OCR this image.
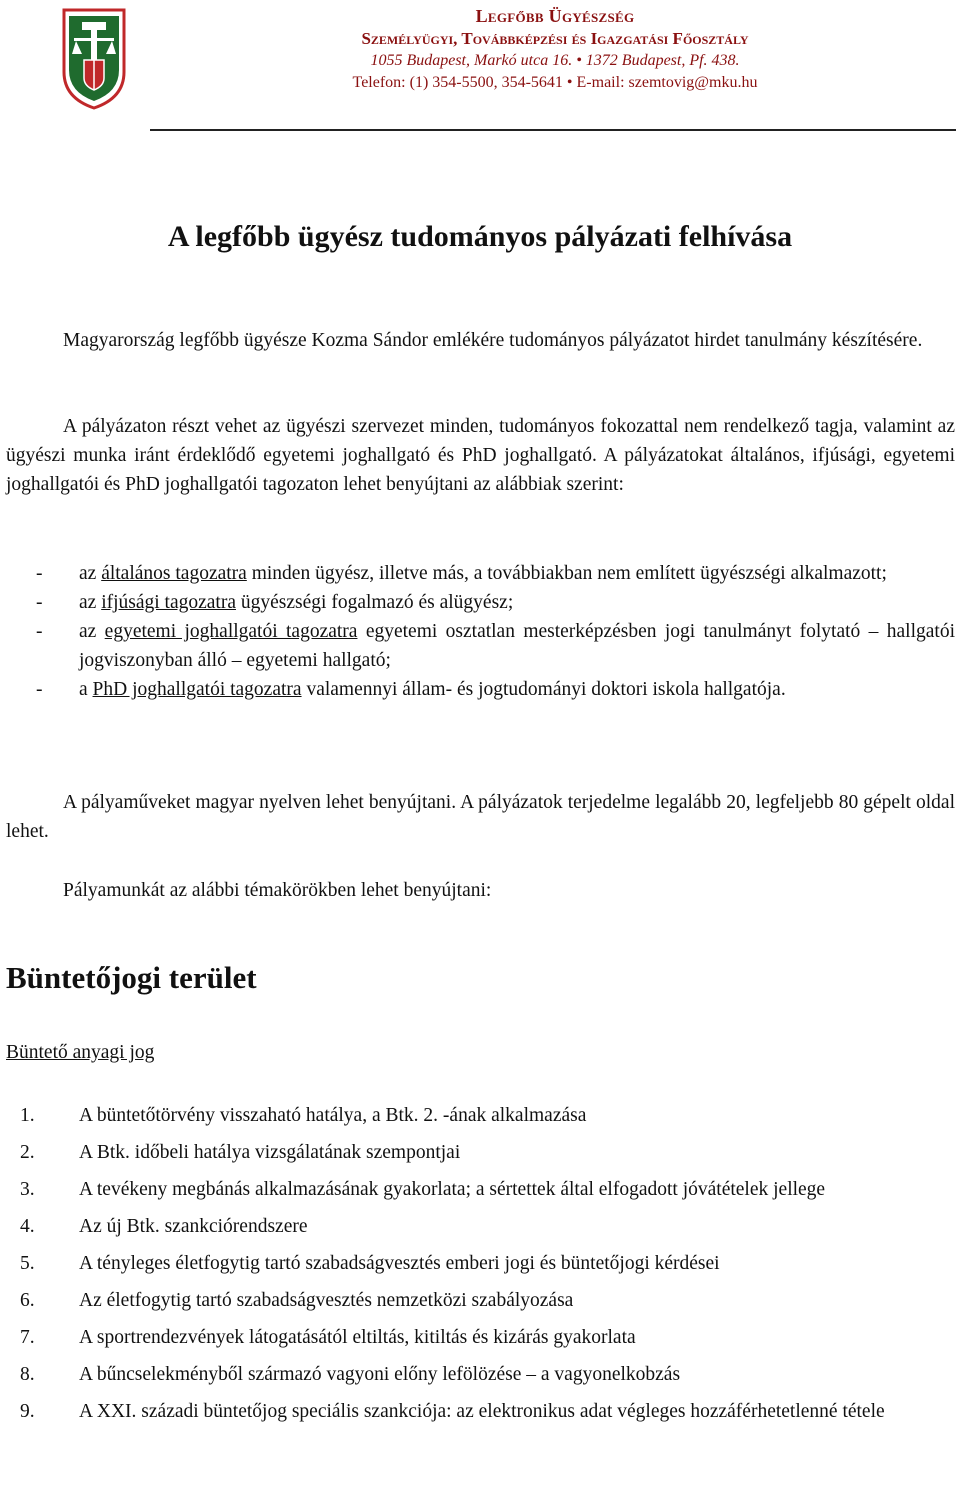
Legfőbb Ügyészség
Személyügyi, Továbbképzési és Igazgatási Főosztály
1055 Budapest, Markó utca 16. • 1372 Budapest, Pf. 438.
Telefon: (1) 354-5500, 354-5641 • E-mail: szemtovig@mku.hu
A legfőbb ügyész tudományos pályázati felhívása
Magyarország legfőbb ügyésze Kozma Sándor emlékére tudományos pályázatot hirdet tanulmány készítésére.
A pályázaton részt vehet az ügyészi szervezet minden, tudományos fokozattal nem rendelkező tagja, valamint az ügyészi munka iránt érdeklődő egyetemi joghallgató és PhD joghallgató. A pályázatokat általános, ifjúsági, egyetemi joghallgatói és PhD joghallgatói tagozaton lehet benyújtani az alábbiak szerint:
- az általános tagozatra minden ügyész, illetve más, a továbbiakban nem említett ügyészségi alkalmazott;
- az ifjúsági tagozatra ügyészségi fogalmazó és alügyész;
- az egyetemi joghallgatói tagozatra egyetemi osztatlan mesterképzésben jogi tanulmányt folytató – hallgatói jogviszonyban álló – egyetemi hallgató;
- a PhD joghallgatói tagozatra valamennyi állam- és jogtudományi doktori iskola hallgatója.
A pályaműveket magyar nyelven lehet benyújtani. A pályázatok terjedelme legalább 20, legfeljebb 80 gépelt oldal lehet.
Pályamunkát az alábbi témakörökben lehet benyújtani:
Büntetőjogi terület
Büntető anyagi jog
1. A büntetőtörvény visszaható hatálya, a Btk. 2. -ának alkalmazása
2. A Btk. időbeli hatálya vizsgálatának szempontjai
3. A tevékeny megbánás alkalmazásának gyakorlata; a sértettek által elfogadott jóvátételek jellege
4. Az új Btk. szankciórendszere
5. A tényleges életfogytig tartó szabadságvesztés emberi jogi és büntetőjogi kérdései
6. Az életfogytig tartó szabadságvesztés nemzetközi szabályozása
7. A sportrendezvények látogatásától eltiltás, kitiltás és kizárás gyakorlata
8. A bűncselekményből származó vagyoni előny lefölözése – a vagyonelkobzás
9. A XXI. századi büntetőjog speciális szankciója: az elektronikus adat végleges hozzáférhetetlenné tétele
